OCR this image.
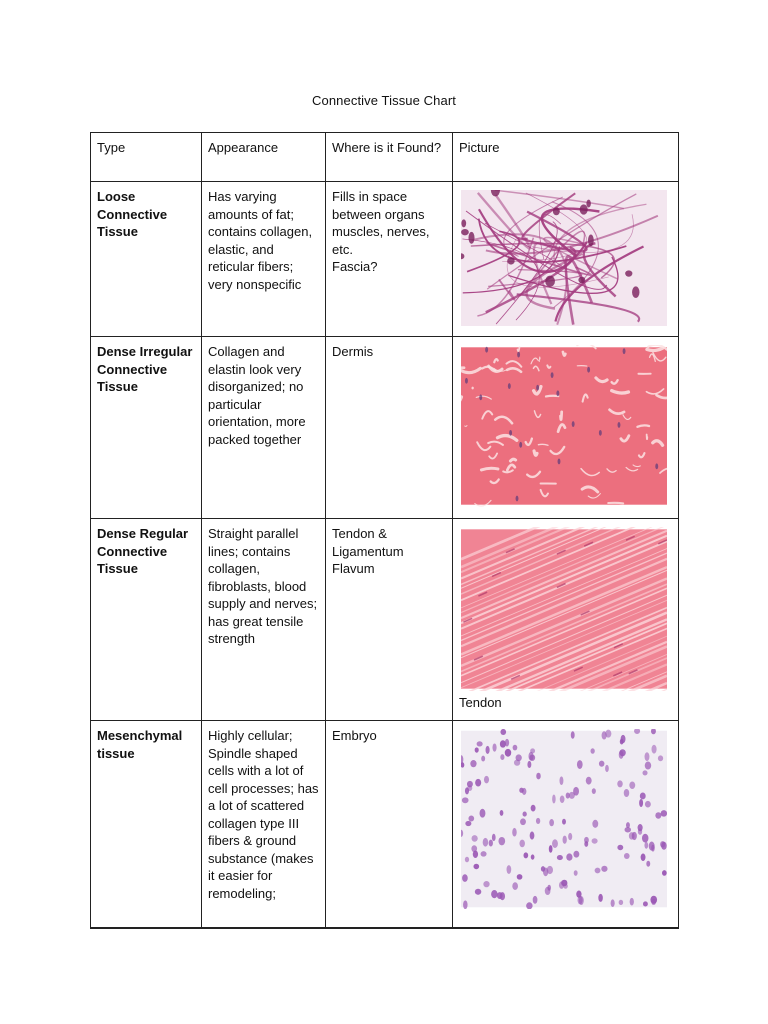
Connective Tissue Chart
Type	Appearance	Where is it Found?	Picture
Loose Connective Tissue	Has varying amounts of fat; contains collagen, elastic, and reticular fibers; very nonspecific	Fills in space between organs muscles, nerves, etc.
Fascia?	

Dense Irregular Connective Tissue	Collagen and elastin look very disorganized; no particular orientation, more packed together	Dermis	

Dense Regular Connective Tissue	Straight parallel lines; contains collagen, fibroblasts, blood supply and nerves; has great tensile strength	Tendon & Ligamentum Flavum	Tendon

Mesenchymal tissue	Highly cellular; Spindle shaped cells with a lot of cell processes; has a lot of scattered collagen type III fibers & ground substance (makes it easier for remodeling;	Embryo	
